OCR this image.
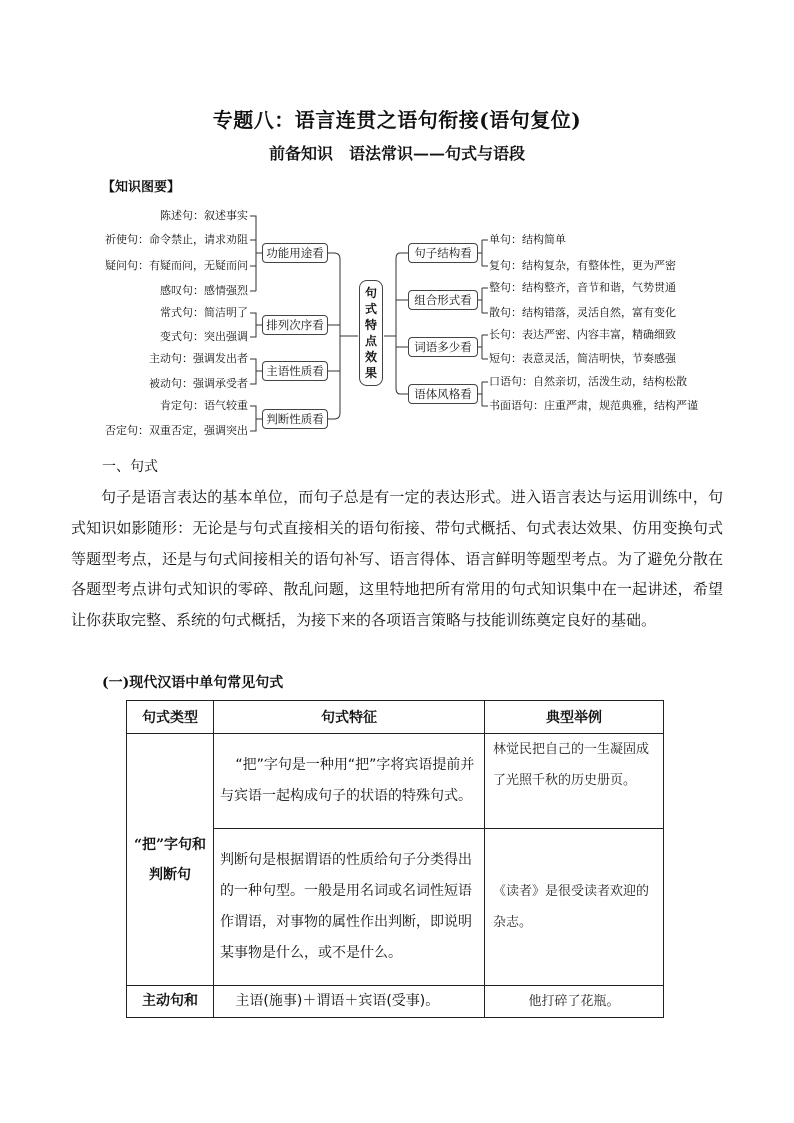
专题八：语言连贯之语句衔接(语句复位)
前备知识　语法常识——句式与语段
【知识图要】
陈述句：叙述事实
祈使句：命令禁止，请求劝阻
疑问句：有疑而问，无疑而问
感叹句：感情强烈
常式句：简洁明了
变式句：突出强调
主动句：强调发出者
被动句：强调承受者
肯定句：语气较重
否定句：双重否定，强调突出
功能用途看
排列次序看
主语性质看
判断性质看
句式特点效果
句子结构看
组合形式看
词语多少看
语体风格看
单句：结构简单
复句：结构复杂，有整体性，更为严密
整句：结构整齐，音节和谐，气势贯通
散句：结构错落，灵活自然，富有变化
长句：表达严密、内容丰富，精确细致
短句：表意灵活，简洁明快，节奏感强
口语句：自然亲切，活泼生动，结构松散
书面语句：庄重严肃，规范典雅，结构严谨
一、句式
句子是语言表达的基本单位，而句子总是有一定的表达形式。进入语言表达与运用训练中，句式知识如影随形：无论是与句式直接相关的语句衔接、带句式概括、句式表达效果、仿用变换句式等题型考点，还是与句式间接相关的语句补写、语言得体、语言鲜明等题型考点。为了避免分散在各题型考点讲句式知识的零碎、散乱问题，这里特地把所有常用的句式知识集中在一起讲述，希望让你获取完整、系统的句式概括，为接下来的各项语言策略与技能训练奠定良好的基础。
(一)现代汉语中单句常见句式
句式类型	句式特征	典型举例
“把”字句和判断句	“把”字句是一种用“把”字将宾语提前并与宾语一起构成句子的状语的特殊句式。	林觉民把自己的一生凝固成了光照千秋的历史册页。
	判断句是根据谓语的性质给句子分类得出的一种句型。一般是用名词或名词性短语作谓语，对事物的属性作出判断，即说明某事物是什么，或不是什么。	《读者》是很受读者欢迎的杂志。
主动句和	主语(施事)＋谓语＋宾语(受事)。	他打碎了花瓶。
